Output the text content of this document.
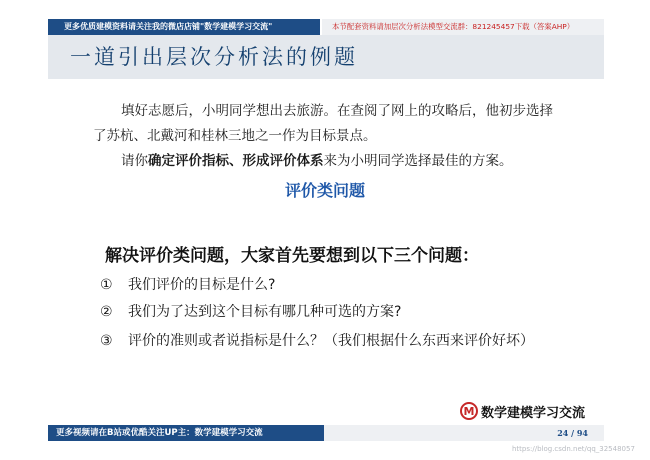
更多优质建模资料请关注我的微店店铺"数学建模学习交流"	本节配套资料请加层次分析法模型交流群：821245457下载（答案AHP）
一道引出层次分析法的例题
填好志愿后，小明同学想出去旅游。在查阅了网上的攻略后，他初步选择
了苏杭、北戴河和桂林三地之一作为目标景点。
请你确定评价指标、形成评价体系来为小明同学选择最佳的方案。
评价类问题
解决评价类问题，大家首先要想到以下三个问题：
① 我们评价的目标是什么?
② 我们为了达到这个目标有哪几种可选的方案?
③ 评价的准则或者说指标是什么？（我们根据什么东西来评价好坏）
M 数学建模学习交流
更多视频请在B站或优酷关注UP主：数学建模学习交流	24 / 94
https://blog.csdn.net/qq_32548057
